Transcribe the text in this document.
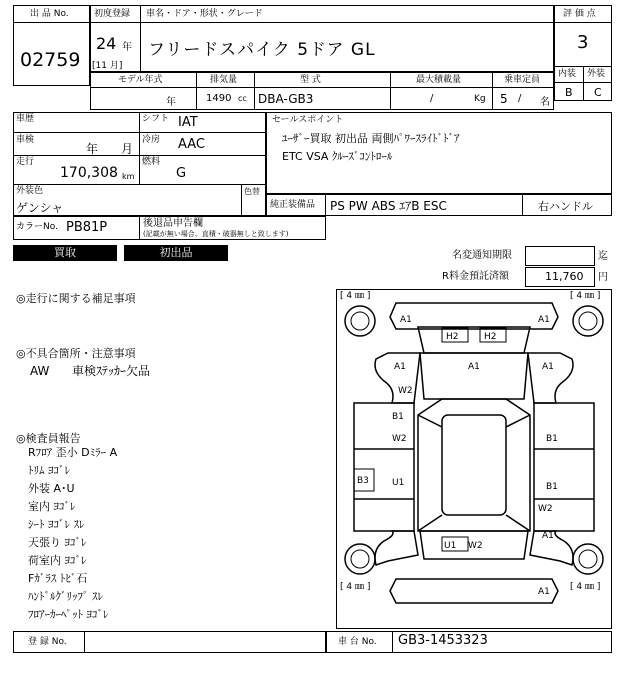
出 品 No.
02759
初度登録
24 年
[11 月]
車名・ドア・形状・グレード
フリードスパイク 5ドア GL
評 価 点
3
内装 外装
B C
モデル年式
年
排気量
1490 cc
型 式
DBA-GB3
最大積載量
/	Kg
乗車定員
5 / 名
車歴	シフト IAT
車検
年 月
冷房 AAC
走行
170,308 km
燃料
G
外装色
ゲンシャ
色替
セールスポイント
ﾕｰｻﾞｰ買取 初出品 両側ﾊﾟﾜｰｽﾗｲﾄﾞﾄﾞｱ
ETC VSA ｸﾙｰｽﾞｺﾝﾄﾛｰﾙ
純正装備品 PS PW ABS ｴｱB ESC	右ハンドル
カラーNo. PB81P	後退品申告欄
(記載が無い場合、直積・破器無しと致します)
買取	初出品	名変通知期限	迄
R料金預託済額	11,760 円
◎走行に関する補足事項
◎不具合箇所・注意事項
AW 車検ｽﾃｯｶｰ欠品
◎検査員報告
Rﾌﾛｱ 歪小 Dﾐﾗｰ A
ﾄﾘﾑ ﾖｺﾞﾚ
外装 A･U
室内 ﾖｺﾞﾚ
ｼｰﾄ ﾖｺﾞﾚ ｽﾚ
天張り ﾖｺﾞﾚ
荷室内 ﾖｺﾞﾚ
Fｶﾞﾗｽ ﾄﾋﾞ石
ﾊﾝﾄﾞﾙｸﾞﾘｯﾌﾟ ｽﾚ
ﾌﾛｱｰｶｰﾍﾟｯﾄ ﾖｺﾞﾚ
[ 4 ㎜ ]	[ 4 ㎜ ]
[ 4 ㎜ ]	[ 4 ㎜ ]
A1	A1
H2	H2
A1
A1
W2
A1
B1
W2	B1
B1
B3	U1
W2
A1
U1 W2
A1
登 録 No.	車 台 No. GB3-1453323
